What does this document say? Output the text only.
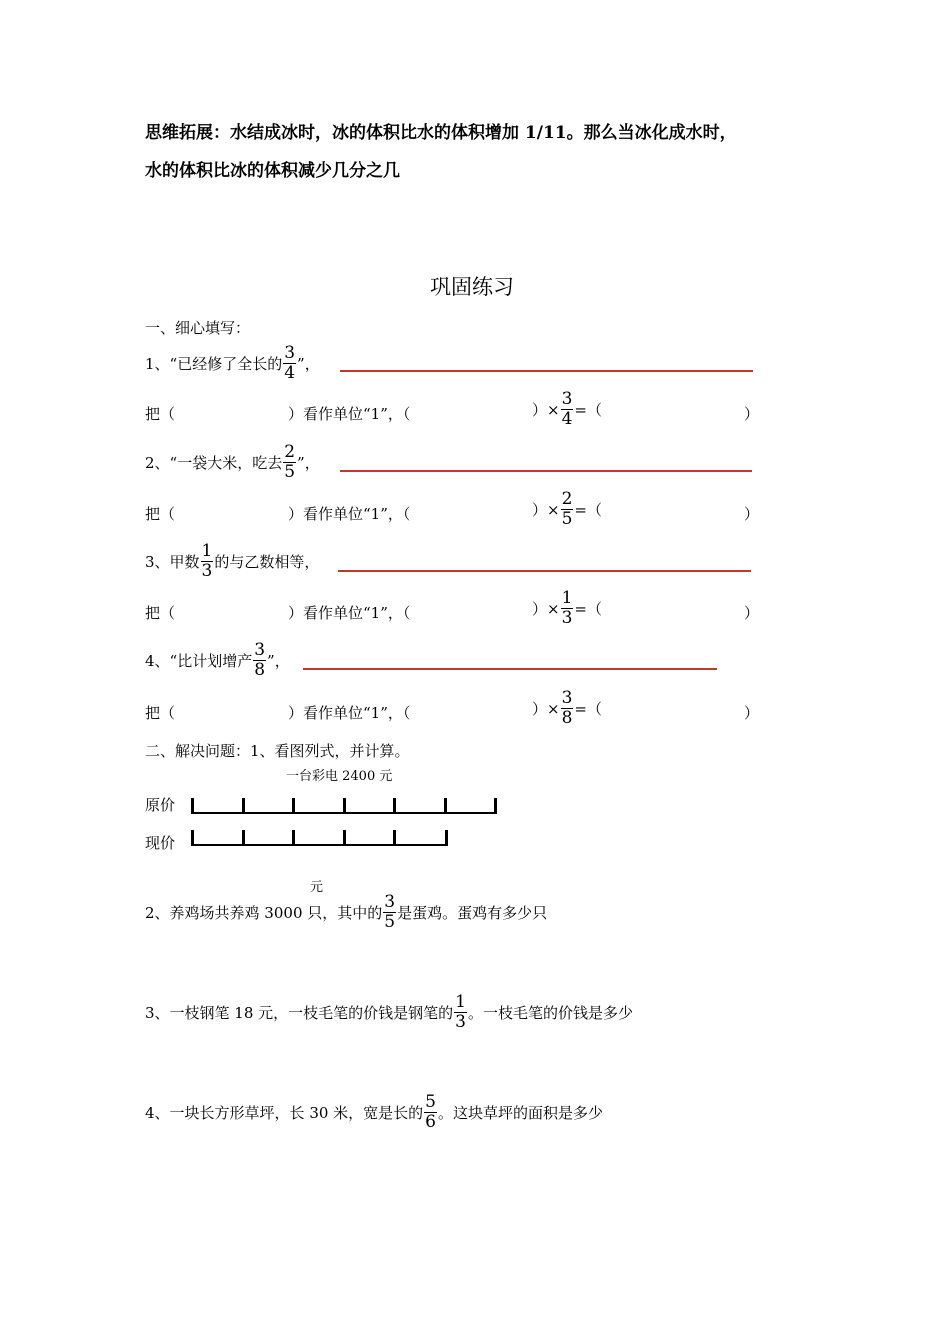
思维拓展：水结成冰时，冰的体积比水的体积增加 1/11。那么当冰化成水时，
水的体积比冰的体积减少几分之几
巩固练习
一、细心填写：
1、“已经修了全长的 $\frac{3}{4}$ ”，
把（	）看作单位“1”，（	）× $\frac{3}{4}$ =（	）
2、“一袋大米，吃去 $\frac{2}{5}$ ”，
把（	）看作单位“1”，（	）× $\frac{2}{5}$ =（	）
3、甲数 $\frac{1}{3}$ 的与乙数相等，
把（	）看作单位“1”，（	）× $\frac{1}{3}$ =（	）
4、“比计划增产 $\frac{3}{8}$ ”，
把（	）看作单位“1”，（	）× $\frac{3}{8}$ =（	）
二、解决问题：1、看图列式，并计算。
一台彩电 2400 元
原价
现价
元
2、养鸡场共养鸡 3000 只，其中的 $\frac{3}{5}$ 是蛋鸡。蛋鸡有多少只
3、一枝钢笔 18 元，一枝毛笔的价钱是钢笔的 $\frac{1}{3}$ 。一枝毛笔的价钱是多少
4、一块长方形草坪，长 30 米，宽是长的 $\frac{5}{6}$ 。这块草坪的面积是多少
